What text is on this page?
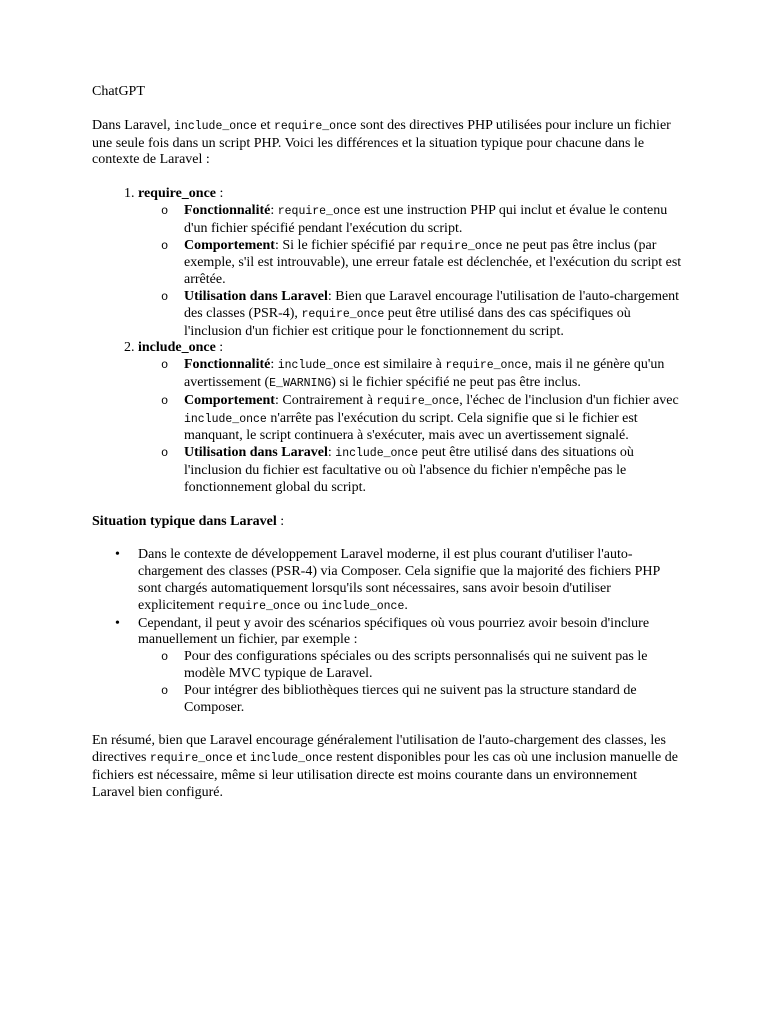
ChatGPT

Dans Laravel, include_once et require_once sont des directives PHP utilisées pour inclure un fichier une seule fois dans un script PHP. Voici les différences et la situation typique pour chacune dans le contexte de Laravel :

1. require_once :
o Fonctionnalité: require_once est une instruction PHP qui inclut et évalue le contenu d'un fichier spécifié pendant l'exécution du script.
o Comportement: Si le fichier spécifié par require_once ne peut pas être inclus (par exemple, s'il est introuvable), une erreur fatale est déclenchée, et l'exécution du script est arrêtée.
o Utilisation dans Laravel: Bien que Laravel encourage l'utilisation de l'auto-chargement des classes (PSR-4), require_once peut être utilisé dans des cas spécifiques où l'inclusion d'un fichier est critique pour le fonctionnement du script.
2. include_once :
o Fonctionnalité: include_once est similaire à require_once, mais il ne génère qu'un avertissement (E_WARNING) si le fichier spécifié ne peut pas être inclus.
o Comportement: Contrairement à require_once, l'échec de l'inclusion d'un fichier avec include_once n'arrête pas l'exécution du script. Cela signifie que si le fichier est manquant, le script continuera à s'exécuter, mais avec un avertissement signalé.
o Utilisation dans Laravel: include_once peut être utilisé dans des situations où l'inclusion du fichier est facultative ou où l'absence du fichier n'empêche pas le fonctionnement global du script.

Situation typique dans Laravel :

• Dans le contexte de développement Laravel moderne, il est plus courant d'utiliser l'auto-chargement des classes (PSR-4) via Composer. Cela signifie que la majorité des fichiers PHP sont chargés automatiquement lorsqu'ils sont nécessaires, sans avoir besoin d'utiliser explicitement require_once ou include_once.
• Cependant, il peut y avoir des scénarios spécifiques où vous pourriez avoir besoin d'inclure manuellement un fichier, par exemple :
o Pour des configurations spéciales ou des scripts personnalisés qui ne suivent pas le modèle MVC typique de Laravel.
o Pour intégrer des bibliothèques tierces qui ne suivent pas la structure standard de Composer.

En résumé, bien que Laravel encourage généralement l'utilisation de l'auto-chargement des classes, les directives require_once et include_once restent disponibles pour les cas où une inclusion manuelle de fichiers est nécessaire, même si leur utilisation directe est moins courante dans un environnement Laravel bien configuré.
